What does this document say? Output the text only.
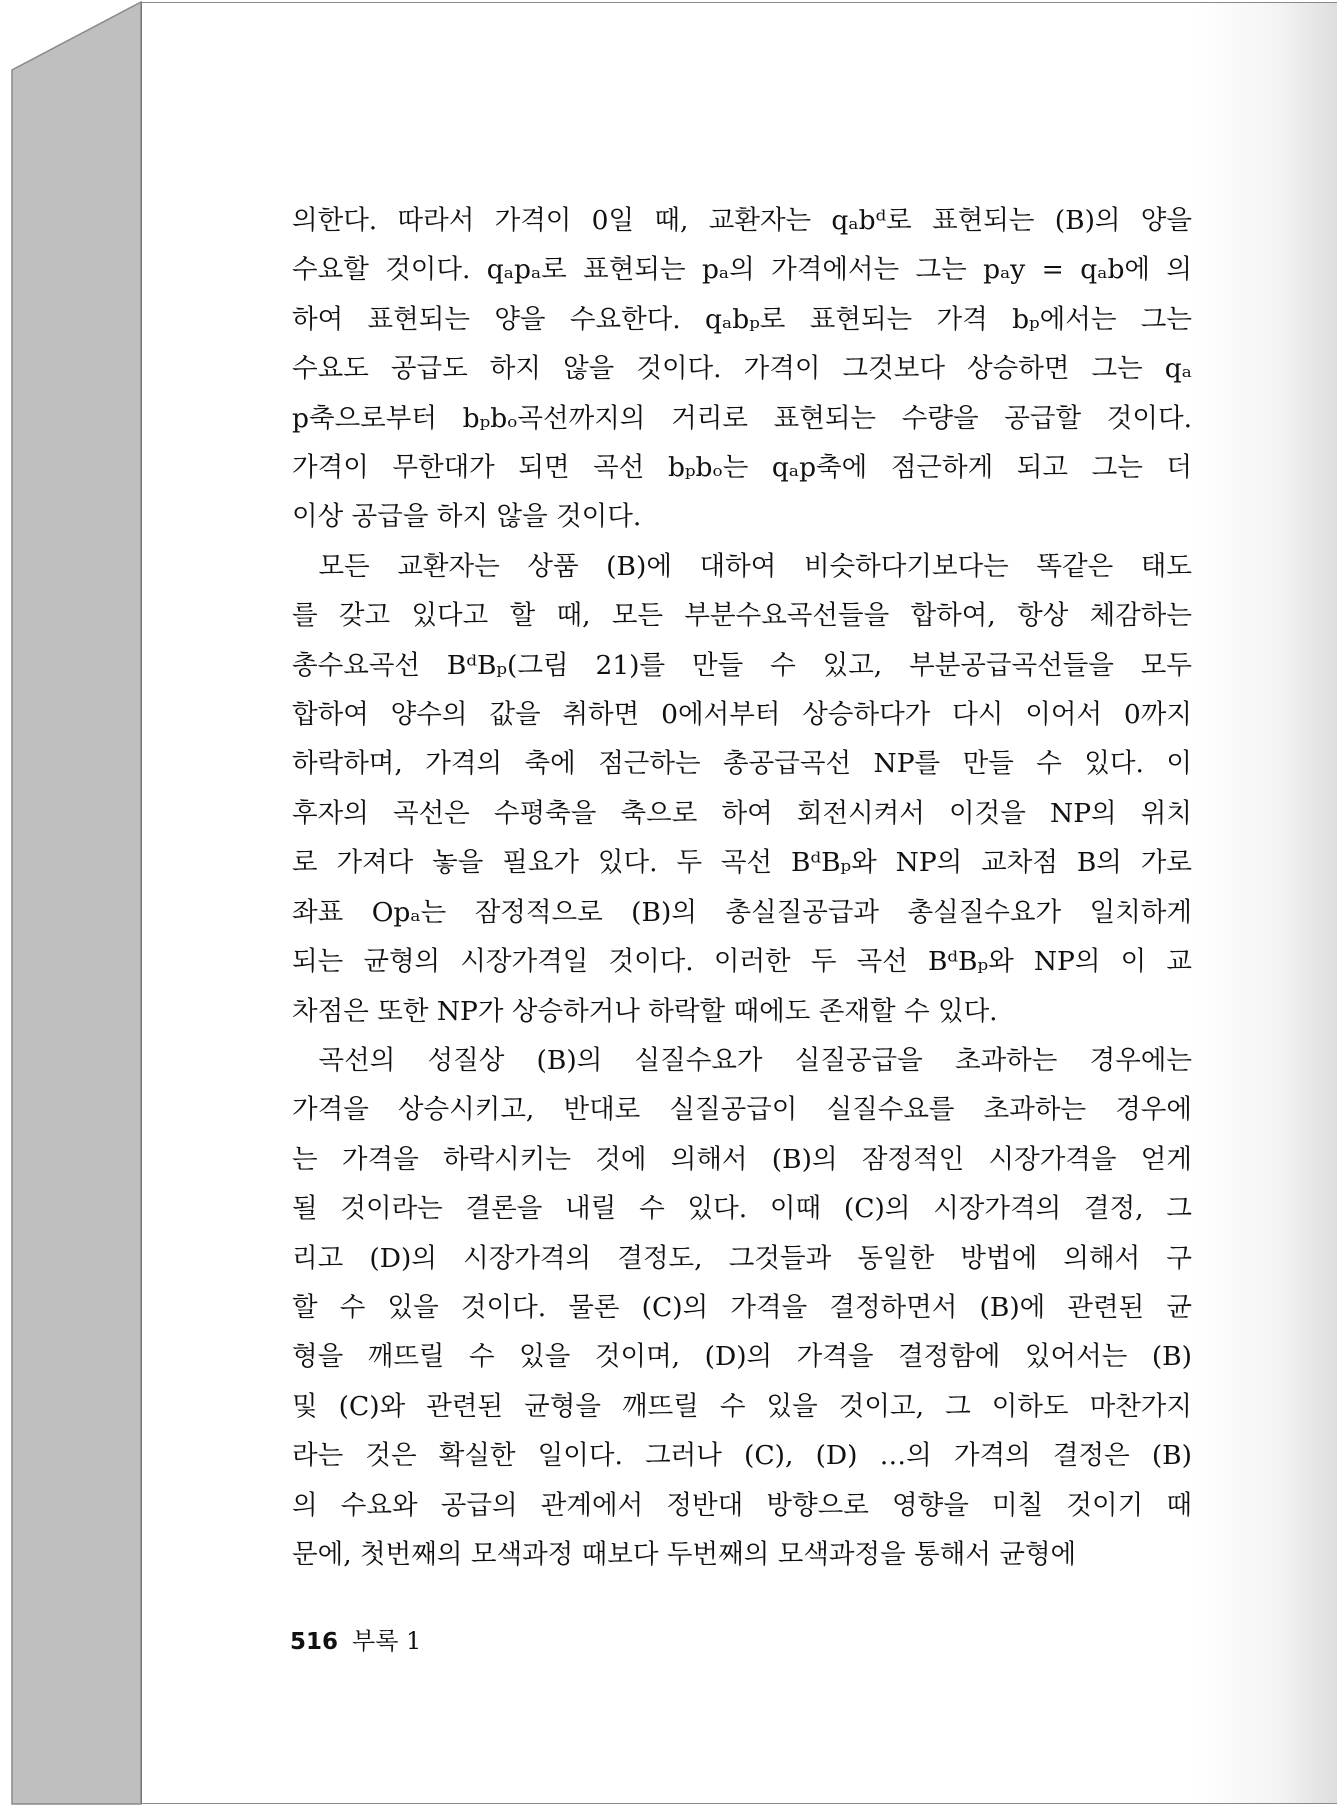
의한다. 따라서 가격이 0일 때, 교환자는 qₐbᵈ로 표현되는 (B)의 양을
수요할 것이다. qₐpₐ로 표현되는 pₐ의 가격에서는 그는 pₐy = qₐb에 의
하여 표현되는 양을 수요한다. qₐbₚ로 표현되는 가격 bₚ에서는 그는
수요도 공급도 하지 않을 것이다. 가격이 그것보다 상승하면 그는 qₐ
p축으로부터 bₚbₒ곡선까지의 거리로 표현되는 수량을 공급할 것이다.
가격이 무한대가 되면 곡선 bₚbₒ는 qₐp축에 점근하게 되고 그는 더
이상 공급을 하지 않을 것이다.
 모든 교환자는 상품 (B)에 대하여 비슷하다기보다는 똑같은 태도
를 갖고 있다고 할 때, 모든 부분수요곡선들을 합하여, 항상 체감하는
총수요곡선 BᵈBₚ(그림 21)를 만들 수 있고, 부분공급곡선들을 모두
합하여 양수의 값을 취하면 0에서부터 상승하다가 다시 이어서 0까지
하락하며, 가격의 축에 점근하는 총공급곡선 NP를 만들 수 있다. 이
후자의 곡선은 수평축을 축으로 하여 회전시켜서 이것을 NP의 위치
로 가져다 놓을 필요가 있다. 두 곡선 BᵈBₚ와 NP의 교차점 B의 가로
좌표 Opₐ는 잠정적으로 (B)의 총실질공급과 총실질수요가 일치하게
되는 균형의 시장가격일 것이다. 이러한 두 곡선 BᵈBₚ와 NP의 이 교
차점은 또한 NP가 상승하거나 하락할 때에도 존재할 수 있다.
 곡선의 성질상 (B)의 실질수요가 실질공급을 초과하는 경우에는
가격을 상승시키고, 반대로 실질공급이 실질수요를 초과하는 경우에
는 가격을 하락시키는 것에 의해서 (B)의 잠정적인 시장가격을 얻게
될 것이라는 결론을 내릴 수 있다. 이때 (C)의 시장가격의 결정, 그
리고 (D)의 시장가격의 결정도, 그것들과 동일한 방법에 의해서 구
할 수 있을 것이다. 물론 (C)의 가격을 결정하면서 (B)에 관련된 균
형을 깨뜨릴 수 있을 것이며, (D)의 가격을 결정함에 있어서는 (B)
및 (C)와 관련된 균형을 깨뜨릴 수 있을 것이고, 그 이하도 마찬가지
라는 것은 확실한 일이다. 그러나 (C), (D) …의 가격의 결정은 (B)
의 수요와 공급의 관계에서 정반대 방향으로 영향을 미칠 것이기 때
문에, 첫번째의 모색과정 때보다 두번째의 모색과정을 통해서 균형에
516 부록 1
